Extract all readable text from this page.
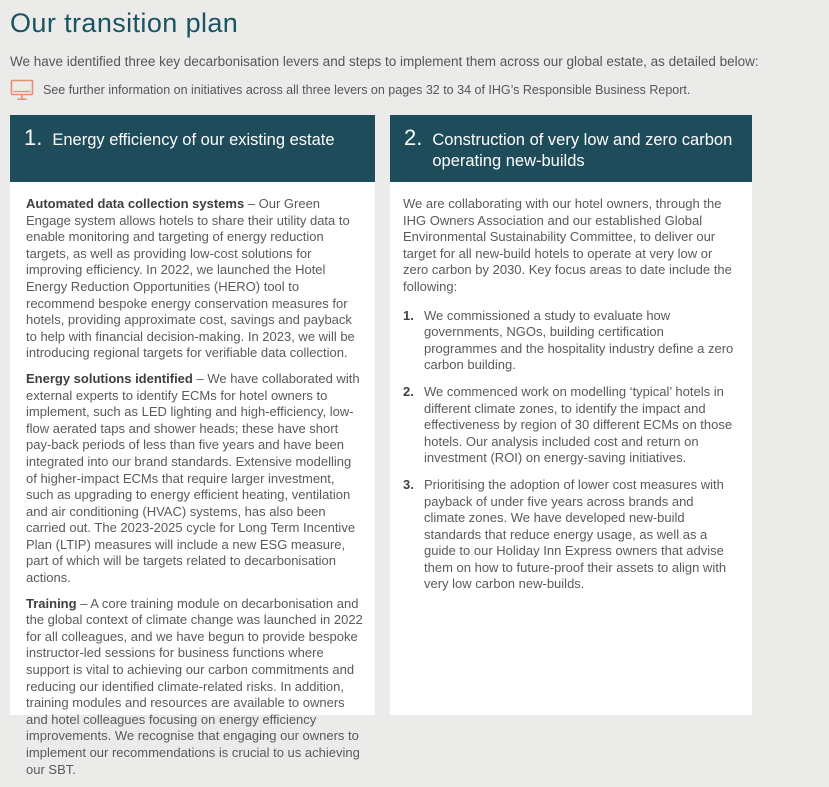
Our transition plan

We have identified three key decarbonisation levers and steps to implement them across our global estate, as detailed below:

See further information on initiatives across all three levers on pages 32 to 34 of IHG’s Responsible Business Report.
1. Energy efficiency of our existing estate

Automated data collection systems – Our Green Engage system allows hotels to share their utility data to enable monitoring and targeting of energy reduction targets, as well as providing low-cost solutions for improving efficiency. In 2022, we launched the Hotel Energy Reduction Opportunities (HERO) tool to recommend bespoke energy conservation measures for hotels, providing approximate cost, savings and payback to help with financial decision-making. In 2023, we will be introducing regional targets for verifiable data collection.

Energy solutions identified – We have collaborated with external experts to identify ECMs for hotel owners to implement, such as LED lighting and high-efficiency, low-flow aerated taps and shower heads; these have short pay-back periods of less than five years and have been integrated into our brand standards. Extensive modelling of higher-impact ECMs that require larger investment, such as upgrading to energy efficient heating, ventilation and air conditioning (HVAC) systems, has also been carried out. The 2023-2025 cycle for Long Term Incentive Plan (LTIP) measures will include a new ESG measure, part of which will be targets related to decarbonisation actions.

Training – A core training module on decarbonisation and the global context of climate change was launched in 2022 for all colleagues, and we have begun to provide bespoke instructor-led sessions for business functions where support is vital to achieving our carbon commitments and reducing our identified climate-related risks. In addition, training modules and resources are available to owners and hotel colleagues focusing on energy efficiency improvements. We recognise that engaging our owners to implement our recommendations is crucial to us achieving our SBT.

2. Construction of very low and zero carbon operating new-builds

We are collaborating with our hotel owners, through the IHG Owners Association and our established Global Environmental Sustainability Committee, to deliver our target for all new-build hotels to operate at very low or zero carbon by 2030. Key focus areas to date include the following:

1. We commissioned a study to evaluate how governments, NGOs, building certification programmes and the hospitality industry define a zero carbon building.
2. We commenced work on modelling ‘typical’ hotels in different climate zones, to identify the impact and effectiveness by region of 30 different ECMs on those hotels. Our analysis included cost and return on investment (ROI) on energy-saving initiatives.
3. Prioritising the adoption of lower cost measures with payback of under five years across brands and climate zones. We have developed new-build standards that reduce energy usage, as well as a guide to our Holiday Inn Express owners that advise them on how to future-proof their assets to align with very low carbon new-builds.
